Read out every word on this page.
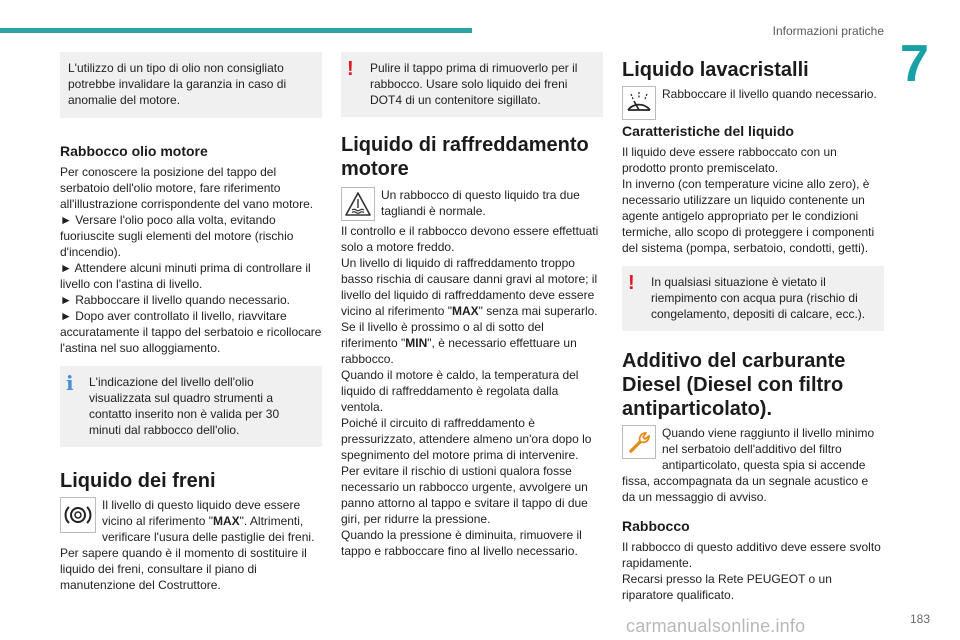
Informazioni pratiche
7

L'utilizzo di un tipo di olio non consigliato potrebbe invalidare la garanzia in caso di anomalie del motore.

Rabbocco olio motore

Per conoscere la posizione del tappo del serbatoio dell'olio motore, fare riferimento all'illustrazione corrispondente del vano motore.

► Versare l'olio poco alla volta, evitando fuoriuscite sugli elementi del motore (rischio d'incendio).

► Attendere alcuni minuti prima di controllare il livello con l'astina di livello.

► Rabboccare il livello quando necessario.

► Dopo aver controllato il livello, riavvitare accuratamente il tappo del serbatoio e ricollocare l'astina nel suo alloggiamento.

i L'indicazione del livello dell'olio visualizzata sul quadro strumenti a contatto inserito non è valida per 30 minuti dal rabbocco dell'olio.

Liquido dei freni

Il livello di questo liquido deve essere vicino al riferimento "MAX". Altrimenti, verificare l'usura delle pastiglie dei freni.

Per sapere quando è il momento di sostituire il liquido dei freni, consultare il piano di manutenzione del Costruttore.

! Pulire il tappo prima di rimuoverlo per il rabbocco. Usare solo liquido dei freni DOT4 di un contenitore sigillato.

Liquido di raffreddamento motore

Un rabbocco di questo liquido tra due tagliandi è normale.

Il controllo e il rabbocco devono essere effettuati solo a motore freddo.

Un livello di liquido di raffreddamento troppo basso rischia di causare danni gravi al motore; il livello del liquido di raffreddamento deve essere vicino al riferimento "MAX" senza mai superarlo.

Se il livello è prossimo o al di sotto del riferimento "MIN", è necessario effettuare un rabbocco.

Quando il motore è caldo, la temperatura del liquido di raffreddamento è regolata dalla ventola.

Poiché il circuito di raffreddamento è pressurizzato, attendere almeno un'ora dopo lo spegnimento del motore prima di intervenire.

Per evitare il rischio di ustioni qualora fosse necessario un rabbocco urgente, avvolgere un panno attorno al tappo e svitare il tappo di due giri, per ridurre la pressione.

Quando la pressione è diminuita, rimuovere il tappo e rabboccare fino al livello necessario.

Liquido lavacristalli

Rabboccare il livello quando necessario.

Caratteristiche del liquido

Il liquido deve essere rabboccato con un prodotto pronto premiscelato.

In inverno (con temperature vicine allo zero), è necessario utilizzare un liquido contenente un agente antigelo appropriato per le condizioni termiche, allo scopo di proteggere i componenti del sistema (pompa, serbatoio, condotti, getti).

! In qualsiasi situazione è vietato il riempimento con acqua pura (rischio di congelamento, depositi di calcare, ecc.).

Additivo del carburante Diesel (Diesel con filtro antiparticolato).

Quando viene raggiunto il livello minimo nel serbatoio dell'additivo del filtro antiparticolato, questa spia si accende fissa, accompagnata da un segnale acustico e da un messaggio di avviso.

Rabbocco

Il rabbocco di questo additivo deve essere svolto rapidamente.

Recarsi presso la Rete PEUGEOT o un riparatore qualificato.

carmanualsonline.info	183
